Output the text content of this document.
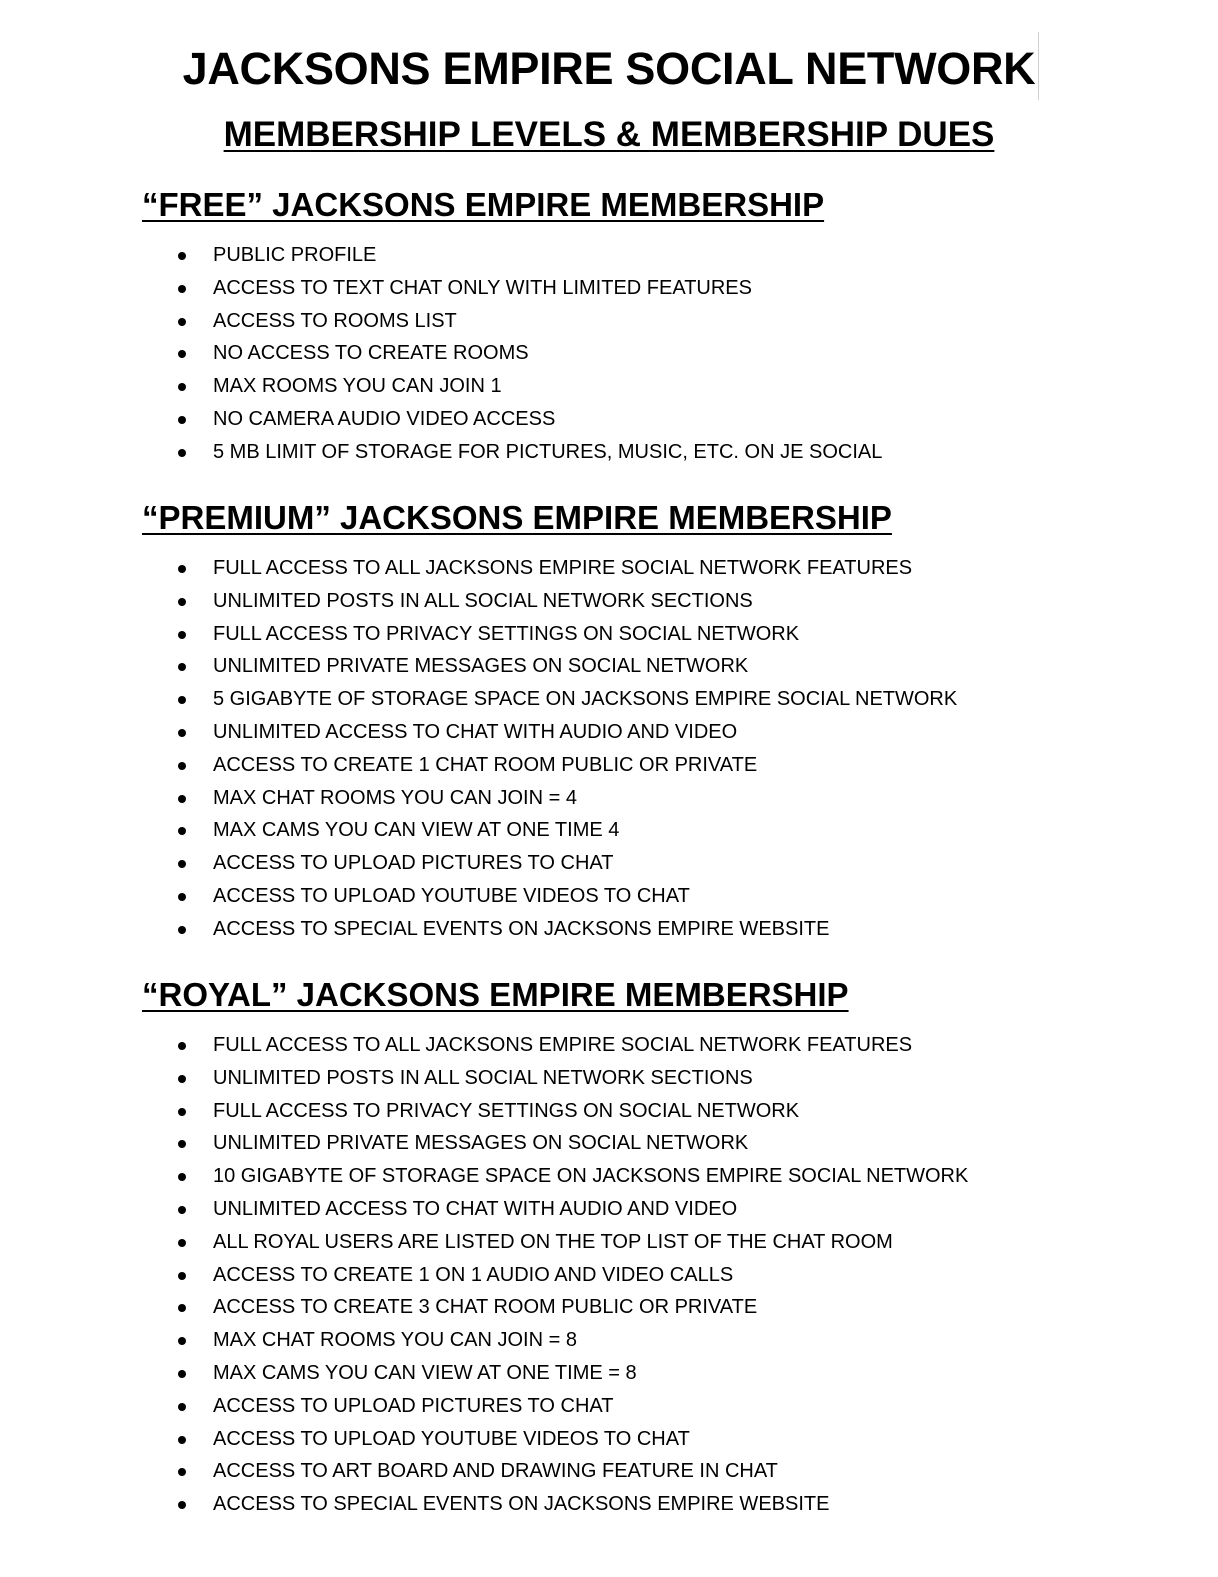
JACKSONS EMPIRE SOCIAL NETWORK
MEMBERSHIP LEVELS & MEMBERSHIP DUES
“FREE” JACKSONS EMPIRE MEMBERSHIP
PUBLIC PROFILE
ACCESS TO TEXT CHAT ONLY WITH LIMITED FEATURES
ACCESS TO ROOMS LIST
NO ACCESS TO CREATE ROOMS
MAX ROOMS YOU CAN JOIN 1
NO CAMERA AUDIO VIDEO ACCESS
5 MB LIMIT OF STORAGE FOR PICTURES, MUSIC, ETC. ON JE SOCIAL
“PREMIUM” JACKSONS EMPIRE MEMBERSHIP
FULL ACCESS TO ALL JACKSONS EMPIRE SOCIAL NETWORK FEATURES
UNLIMITED POSTS IN ALL SOCIAL NETWORK SECTIONS
FULL ACCESS TO PRIVACY SETTINGS ON SOCIAL NETWORK
UNLIMITED PRIVATE MESSAGES ON SOCIAL NETWORK
5 GIGABYTE OF STORAGE SPACE ON JACKSONS EMPIRE SOCIAL NETWORK
UNLIMITED ACCESS TO CHAT WITH AUDIO AND VIDEO
ACCESS TO CREATE 1 CHAT ROOM PUBLIC OR PRIVATE
MAX CHAT ROOMS YOU CAN JOIN = 4
MAX CAMS YOU CAN VIEW AT ONE TIME 4
ACCESS TO UPLOAD PICTURES TO CHAT
ACCESS TO UPLOAD YOUTUBE VIDEOS TO CHAT
ACCESS TO SPECIAL EVENTS ON JACKSONS EMPIRE WEBSITE
“ROYAL” JACKSONS EMPIRE MEMBERSHIP
FULL ACCESS TO ALL JACKSONS EMPIRE SOCIAL NETWORK FEATURES
UNLIMITED POSTS IN ALL SOCIAL NETWORK SECTIONS
FULL ACCESS TO PRIVACY SETTINGS ON SOCIAL NETWORK
UNLIMITED PRIVATE MESSAGES ON SOCIAL NETWORK
10 GIGABYTE OF STORAGE SPACE ON JACKSONS EMPIRE SOCIAL NETWORK
UNLIMITED ACCESS TO CHAT WITH AUDIO AND VIDEO
ALL ROYAL USERS ARE LISTED ON THE TOP LIST OF THE CHAT ROOM
ACCESS TO CREATE 1 ON 1 AUDIO AND VIDEO CALLS
ACCESS TO CREATE 3 CHAT ROOM PUBLIC OR PRIVATE
MAX CHAT ROOMS YOU CAN JOIN = 8
MAX CAMS YOU CAN VIEW AT ONE TIME = 8
ACCESS TO UPLOAD PICTURES TO CHAT
ACCESS TO UPLOAD YOUTUBE VIDEOS TO CHAT
ACCESS TO ART BOARD AND DRAWING FEATURE IN CHAT
ACCESS TO SPECIAL EVENTS ON JACKSONS EMPIRE WEBSITE
